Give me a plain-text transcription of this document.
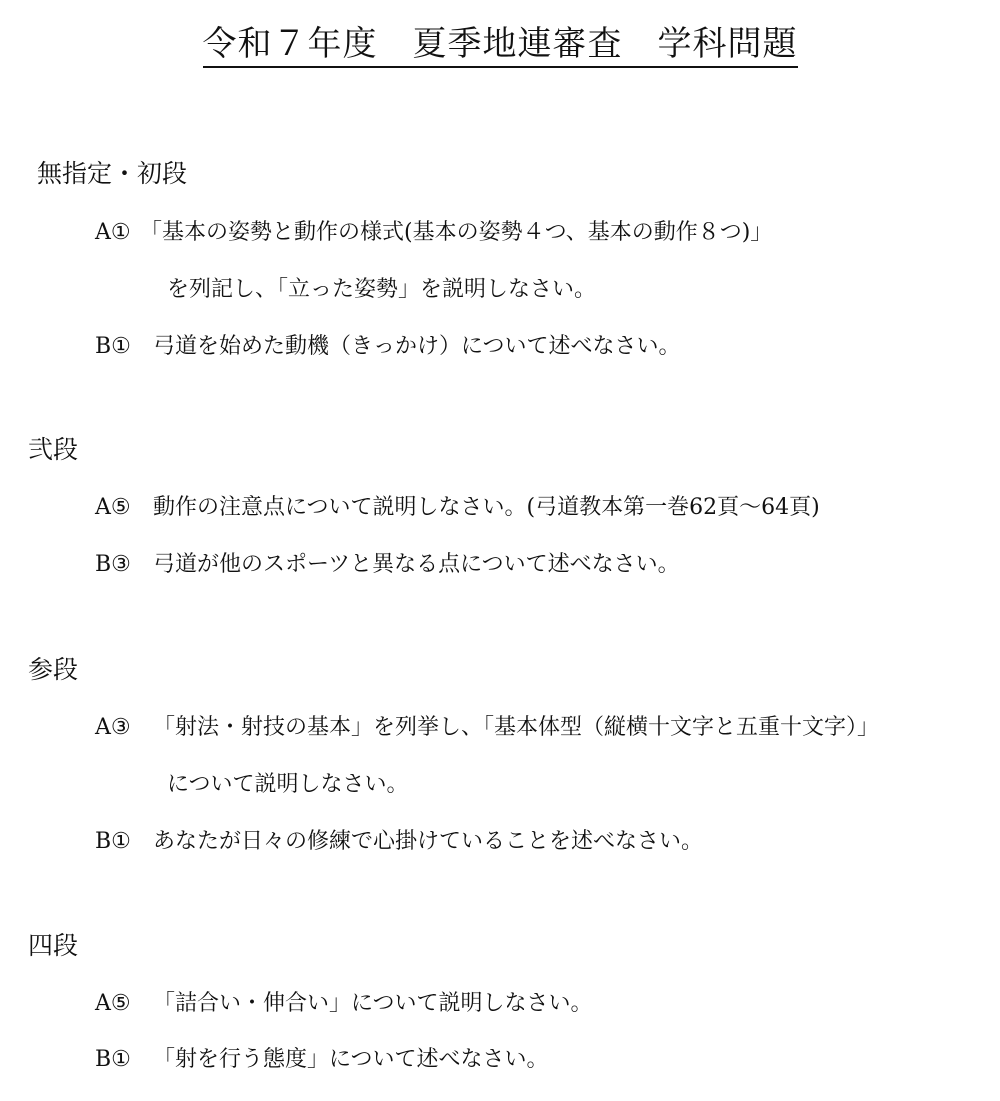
令和７年度　夏季地連審査　学科問題
無指定・初段
A① 「基本の姿勢と動作の様式(基本の姿勢４つ、基本の動作８つ)」
を列記し、「立った姿勢」を説明しなさい。
B① 弓道を始めた動機（きっかけ）について述べなさい。
弐段
A⑤ 動作の注意点について説明しなさい。(弓道教本第一巻62頁～64頁)
B③ 弓道が他のスポーツと異なる点について述べなさい。
参段
A③ 「射法・射技の基本」を列挙し、「基本体型（縦横十文字と五重十文字）」
について説明しなさい。
B① あなたが日々の修練で心掛けていることを述べなさい。
四段
A⑤ 「詰合い・伸合い」について説明しなさい。
B① 「射を行う態度」について述べなさい。
